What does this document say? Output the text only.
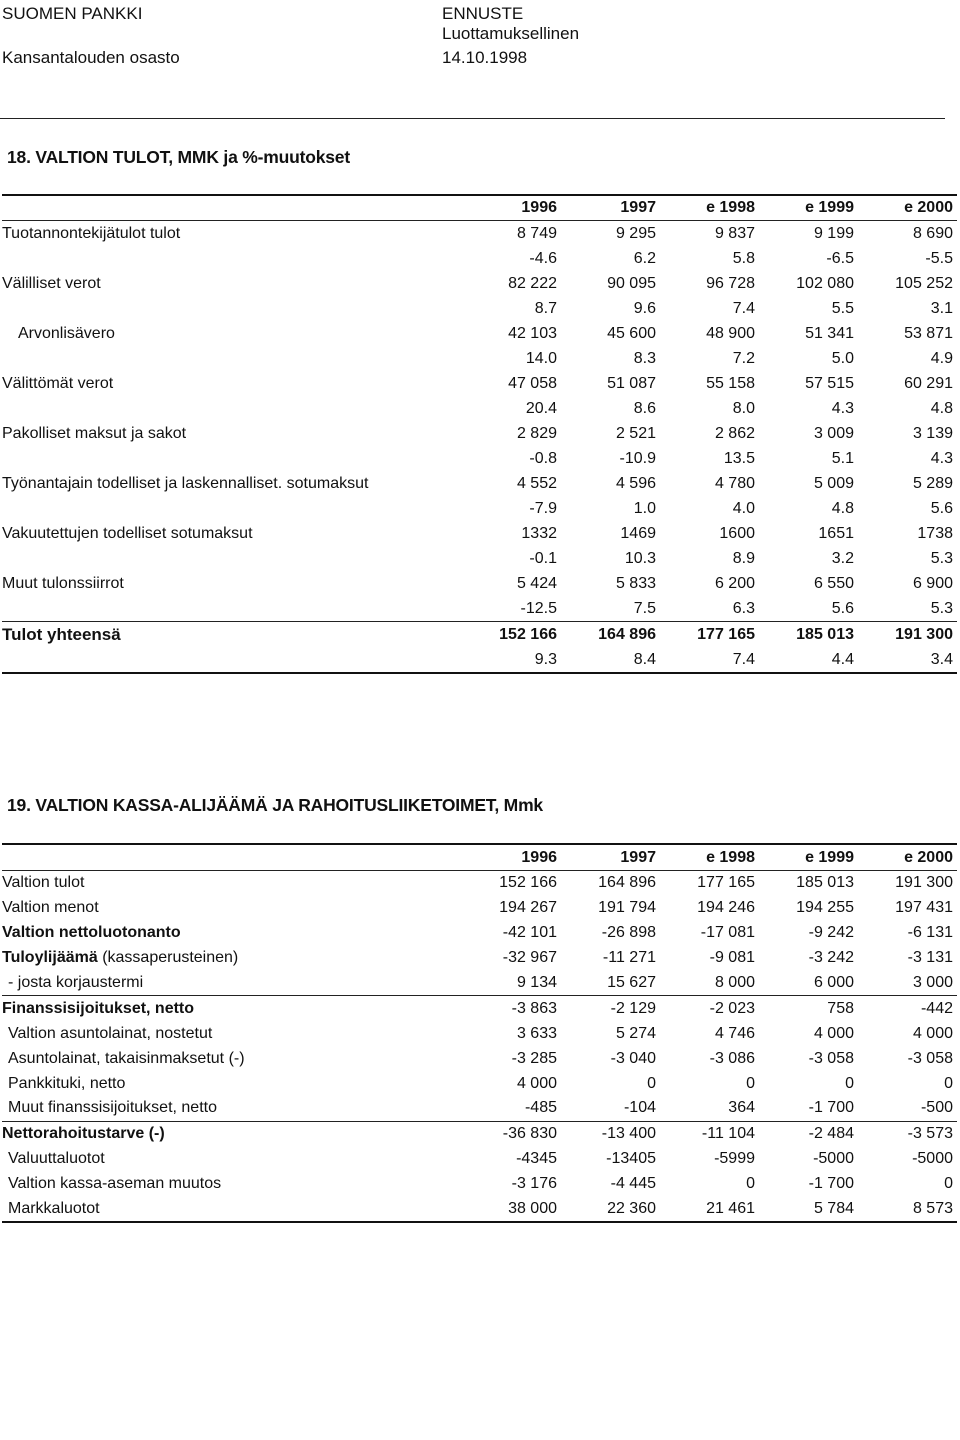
SUOMEN PANKKI
Kansantalouden osasto
ENNUSTE
Luottamuksellinen
14.10.1998
18. VALTION TULOT, MMK ja %-muutokset
	1996	1997	e 1998	e 1999	e 2000
Tuotannontekijätulot tulot	8 749	9 295	9 837	9 199	8 690
	-4.6	6.2	5.8	-6.5	-5.5
Välilliset verot	82 222	90 095	96 728	102 080	105 252
	8.7	9.6	7.4	5.5	3.1
Arvonlisävero	42 103	45 600	48 900	51 341	53 871
	14.0	8.3	7.2	5.0	4.9
Välittömät verot	47 058	51 087	55 158	57 515	60 291
	20.4	8.6	8.0	4.3	4.8
Pakolliset maksut ja sakot	2 829	2 521	2 862	3 009	3 139
	-0.8	-10.9	13.5	5.1	4.3
Työnantajain todelliset ja laskennalliset. sotumaksut	4 552	4 596	4 780	5 009	5 289
	-7.9	1.0	4.0	4.8	5.6
Vakuutettujen todelliset sotumaksut	1332	1469	1600	1651	1738
	-0.1	10.3	8.9	3.2	5.3
Muut tulonssiirrot	5 424	5 833	6 200	6 550	6 900
	-12.5	7.5	6.3	5.6	5.3
Tulot yhteensä	152 166	164 896	177 165	185 013	191 300
	9.3	8.4	7.4	4.4	3.4
19. VALTION KASSA-ALIJÄÄMÄ JA RAHOITUSLIIKETOIMET, Mmk
	1996	1997	e 1998	e 1999	e 2000
Valtion tulot	152 166	164 896	177 165	185 013	191 300
Valtion menot	194 267	191 794	194 246	194 255	197 431
Valtion nettoluotonanto	-42 101	-26 898	-17 081	-9 242	-6 131
Tuloylijäämä (kassaperusteinen)	-32 967	-11 271	-9 081	-3 242	-3 131
- josta korjaustermi	9 134	15 627	8 000	6 000	3 000
Finanssisijoitukset, netto	-3 863	-2 129	-2 023	758	-442
Valtion asuntolainat, nostetut	3 633	5 274	4 746	4 000	4 000
Asuntolainat, takaisinmaksetut (-)	-3 285	-3 040	-3 086	-3 058	-3 058
Pankkituki, netto	4 000	0	0	0	0
Muut finanssisijoitukset, netto	-485	-104	364	-1 700	-500
Nettorahoitustarve (-)	-36 830	-13 400	-11 104	-2 484	-3 573
Valuuttaluotot	-4345	-13405	-5999	-5000	-5000
Valtion kassa-aseman muutos	-3 176	-4 445	0	-1 700	0
Markkaluotot	38 000	22 360	21 461	5 784	8 573
